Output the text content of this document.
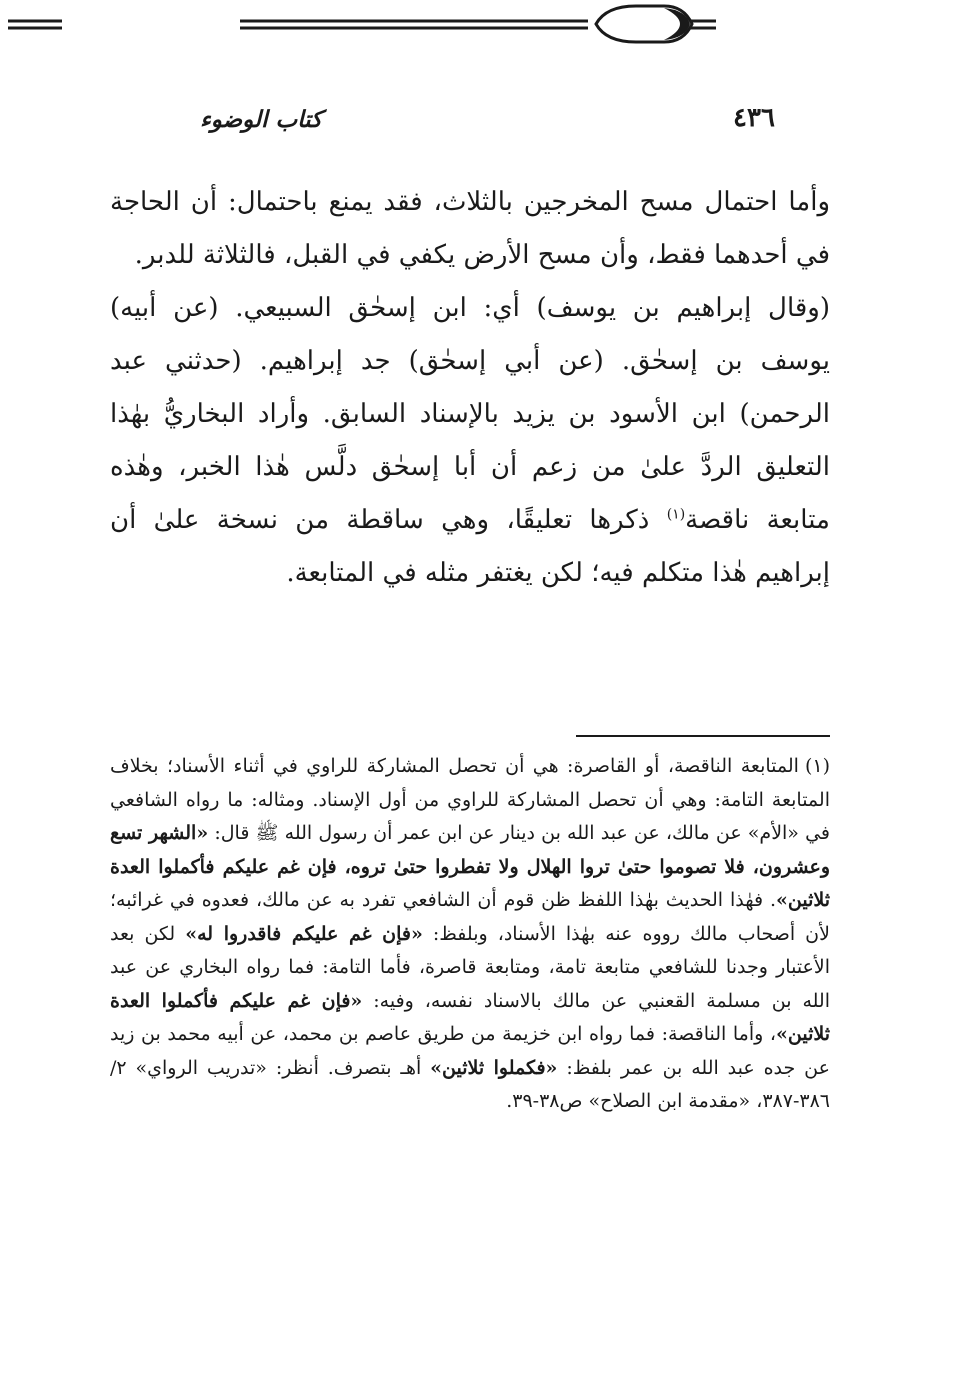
٤٣٦
كتاب الوضوء

وأما احتمال مسح المخرجين بالثلاث، فقد يمنع باحتمال: أن الحاجة في أحدهما فقط، وأن مسح الأرض يكفي في القبل، فالثلاثة للدبر.

(وقال إبراهيم بن يوسف) أي: ابن إسحٰق السبيعي. (عن أبيه) يوسف بن إسحٰق. (عن أبي إسحٰق) جد إبراهيم. (حدثني عبد الرحمن) ابن الأسود بن يزيد بالإسناد السابق. وأراد البخاريُّ بهٰذا التعليق الردَّ علىٰ من زعم أن أبا إسحٰق دلَّس هٰذا الخبر، وهٰذه متابعة ناقصة$^{(١)}$ ذكرها تعليقًا، وهي ساقطة من نسخة علىٰ أن إبراهيم هٰذا متكلم فيه؛ لكن يغتفر مثله في المتابعة.

(١)المتابعة الناقصة، أو القاصرة: هي أن تحصل المشاركة للراوي في أثناء الأسناد؛ بخلاف المتابعة التامة: وهي أن تحصل المشاركة للراوي من أول الإسناد. ومثاله: ما رواه الشافعي في «الأم» عن مالك، عن عبد الله بن دينار عن ابن عمر أن رسول الله ﷺ قال: «الشهر تسع وعشرون، فلا تصوموا حتىٰ تروا الهلال ولا تفطروا حتىٰ تروه، فإن غم عليكم فأكملوا العدة ثلاثين». فهٰذا الحديث بهٰذا اللفظ ظن قوم أن الشافعي تفرد به عن مالك، فعدوه في غرائبه؛ لأن أصحاب مالك رووه عنه بهٰذا الأسناد، وبلفظ: «فإن غم عليكم فاقدروا له» لكن بعد الأعتبار وجدنا للشافعي متابعة تامة، ومتابعة قاصرة، فأما التامة: فما رواه البخاري عن عبد الله بن مسلمة القعنبي عن مالك بالاسناد نفسه، وفيه: «فإن غم عليكم فأكملوا العدة ثلاثين»، وأما الناقصة: فما رواه ابن خزيمة من طريق عاصم بن محمد، عن أبيه محمد بن زيد عن جده عبد الله بن عمر بلفظ: «فكملوا ثلاثين» أهـ بتصرف. أنظر: «تدريب الرواي» ٢/ ٣٨٦-٣٨٧، «مقدمة ابن الصلاح» ص٣٨-٣٩.
